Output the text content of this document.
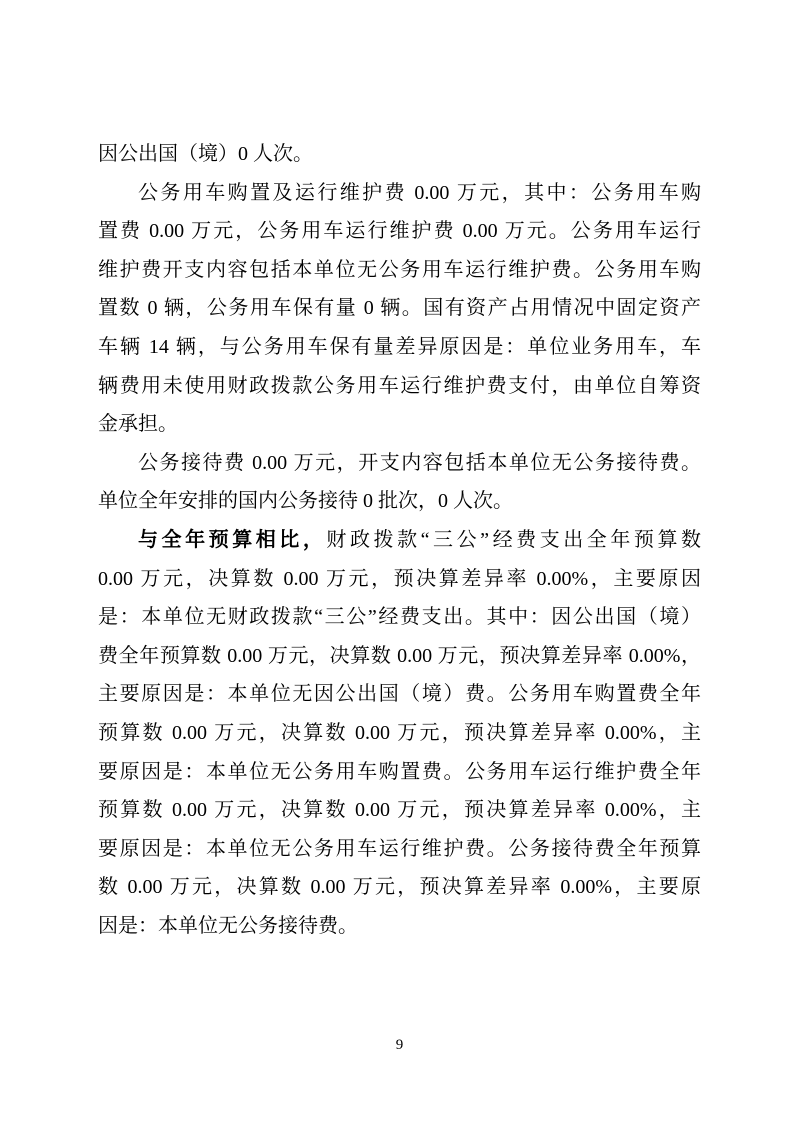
因公出国（境）0 人次。
公务用车购置及运行维护费 0.00 万元，其中：公务用车购
置费 0.00 万元，公务用车运行维护费 0.00 万元。公务用车运行
维护费开支内容包括本单位无公务用车运行维护费。公务用车购
置数 0 辆，公务用车保有量 0 辆。国有资产占用情况中固定资产
车辆 14 辆，与公务用车保有量差异原因是：单位业务用车，车
辆费用未使用财政拨款公务用车运行维护费支付，由单位自筹资
金承担。
公务接待费 0.00 万元，开支内容包括本单位无公务接待费。
单位全年安排的国内公务接待 0 批次，0 人次。
与全年预算相比，财政拨款“三公”经费支出全年预算数
0.00 万元，决算数 0.00 万元，预决算差异率 0.00%，主要原因
是：本单位无财政拨款“三公”经费支出。其中：因公出国（境）
费全年预算数 0.00 万元，决算数 0.00 万元，预决算差异率 0.00%，
主要原因是：本单位无因公出国（境）费。公务用车购置费全年
预算数 0.00 万元，决算数 0.00 万元，预决算差异率 0.00%，主
要原因是：本单位无公务用车购置费。公务用车运行维护费全年
预算数 0.00 万元，决算数 0.00 万元，预决算差异率 0.00%，主
要原因是：本单位无公务用车运行维护费。公务接待费全年预算
数 0.00 万元，决算数 0.00 万元，预决算差异率 0.00%，主要原
因是：本单位无公务接待费。
9
